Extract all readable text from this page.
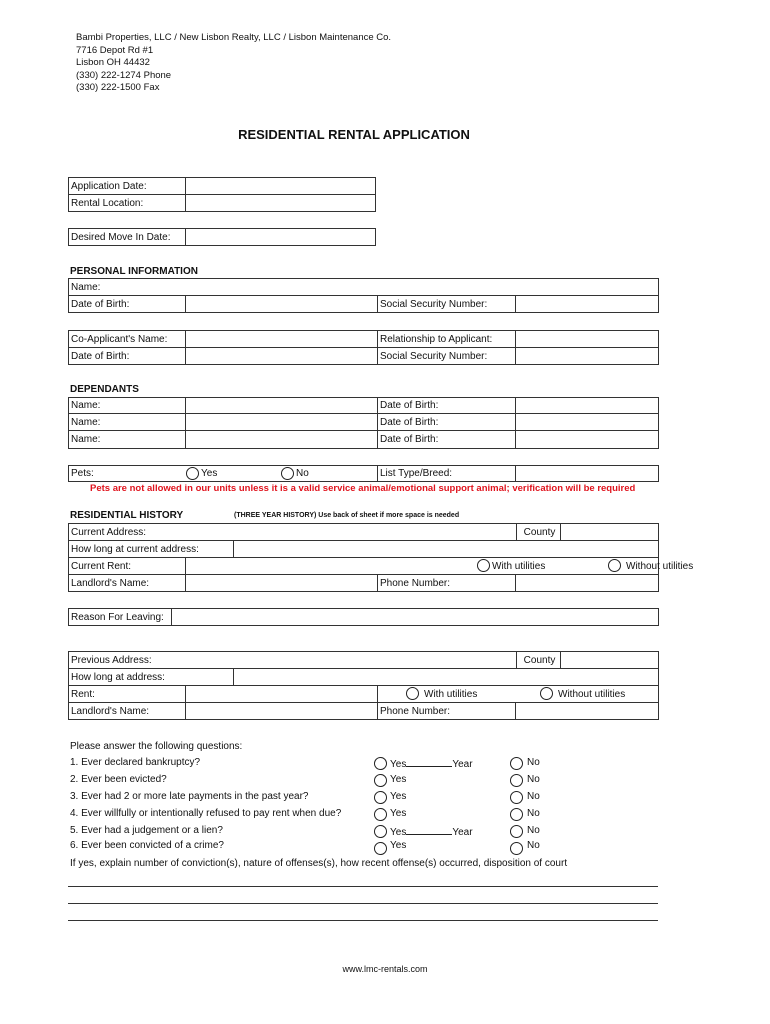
Bambi Properties, LLC / New Lisbon Realty, LLC / Lisbon Maintenance Co.
7716 Depot Rd #1
Lisbon OH 44432
(330) 222-1274 Phone
(330) 222-1500 Fax
RESIDENTIAL RENTAL APPLICATION
Application Date:
Rental Location:
Desired Move In Date:
PERSONAL INFORMATION
Name:
Date of Birth:	Social Security Number:
Co-Applicant's Name:	Relationship to Applicant:
Date of Birth:	Social Security Number:
DEPENDANTS
Name:	Date of Birth:
Name:	Date of Birth:
Name:	Date of Birth:
Pets:	Yes	No	List Type/Breed:
Pets are not allowed in our units unless it is a valid service animal/emotional support animal; verification will be required
RESIDENTIAL HISTORY	(THREE YEAR HISTORY) Use back of sheet if more space is needed
Current Address:	County
How long at current address:
Current Rent:	With utilities	Without utilities
Landlord's Name:	Phone Number:
Reason For Leaving:
Previous Address:	County
How long at address:
Rent:	With utilities	Without utilities
Landlord's Name:	Phone Number:
Please answer the following questions:
1. Ever declared bankruptcy?	Yes	Year	No
2. Ever been evicted?	Yes	No
3. Ever had 2 or more late payments in the past year?	Yes	No
4. Ever willfully or intentionally refused to pay rent when due?	Yes	No
5. Ever had a judgement or a lien?	Yes	Year	No
6. Ever been convicted of a crime?	Yes	No
If yes, explain number of conviction(s), nature of offenses(s), how recent offense(s) occurred, disposition of court
www.lmc-rentals.com
